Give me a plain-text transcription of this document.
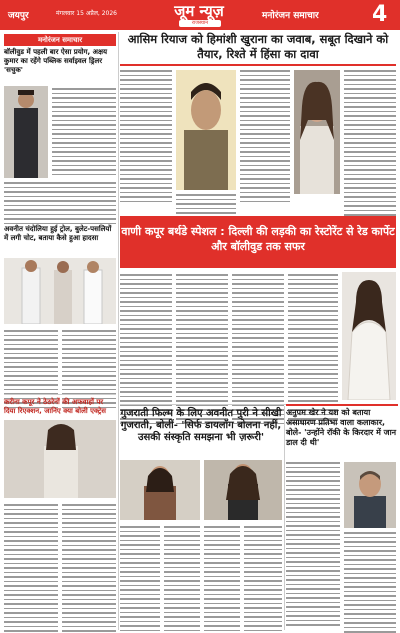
जयपुर	मंगलवार 15 अप्रैल, 2026	जूम न्यूज़
राजस्थान
मनोरंजन समाचार 4
मनोरंजन समाचार
बॉलीवुड में पहली बार ऐसा प्रयोग, अक्षय कुमार का रहेंगे पब्लिक सर्वाइवल ड्रिलर 'सचुक'
अवनीत चंदोलिया हुई ट्रोल, बुलेट-पसलियों में लगी चोट, बताया कैसे हुआ हादसा
करीना कपूर ने ठेठरेनों की अफवाहों पर दिया रिएक्शन, जानिए क्या बोली एक्ट्रेस
आसिम रियाज को हिमांशी खुराना का जवाब, सबूत दिखाने को तैयार, रिश्ते में हिंसा का दावा
वाणी कपूर बर्थडे स्पेशल : दिल्ली की लड़की का रेस्टोरेंट से रेड कार्पेट और बॉलीवुड तक सफर
गुजराती फिल्म के लिए अवनीत पुरी ने सीखी गुजराती, बोलीं- 'सिर्फ डायलॉग बोलना नहीं, उसकी संस्कृति समझना भी ज़रूरी'
अनुपम खेर ने यश को बताया असाधारण प्रतिभा वाला कलाकार, बोले- 'उन्होंने रॉकी के किरदार में जान डाल दी थी'
